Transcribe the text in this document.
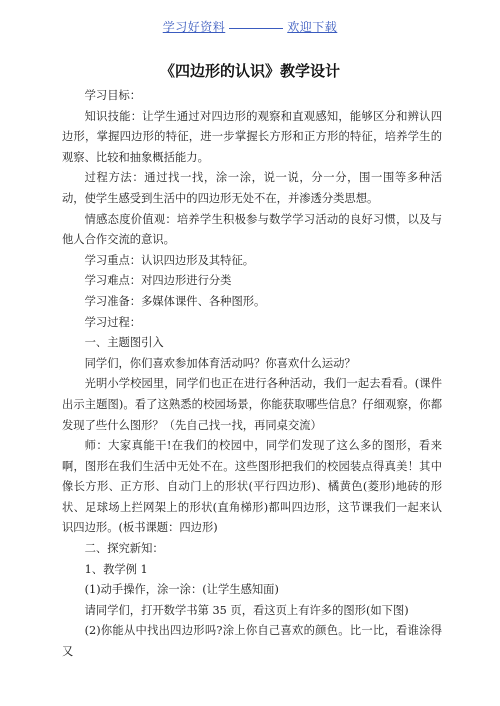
学习好资料	欢迎下载
《四边形的认识》教学设计

学习目标：

知识技能：让学生通过对四边形的观察和直观感知，能够区分和辨认四边形，掌握四边形的特征，进一步掌握长方形和正方形的特征，培养学生的观察、比较和抽象概括能力。

过程方法：通过找一找，涂一涂，说一说，分一分，围一围等多种活动，使学生感受到生活中的四边形无处不在，并渗透分类思想。

情感态度价值观：培养学生积极参与数学学习活动的良好习惯，以及与他人合作交流的意识。

学习重点：认识四边形及其特征。

学习难点：对四边形进行分类

学习准备：多媒体课件、各种图形。

学习过程：

一、主题图引入

同学们，你们喜欢参加体育活动吗？你喜欢什么运动？

光明小学校园里，同学们也正在进行各种活动，我们一起去看看。(课件出示主题图)。看了这熟悉的校园场景，你能获取哪些信息？仔细观察，你都发现了些什么图形？（先自己找一找，再同桌交流）

师：大家真能干!在我们的校园中，同学们发现了这么多的图形，看来啊，图形在我们生活中无处不在。这些图形把我们的校园装点得真美！其中像长方形、正方形、自动门上的形状(平行四边形)、橘黄色(菱形)地砖的形状、足球场上拦网架上的形状(直角梯形)都叫四边形，这节课我们一起来认识四边形。(板书课题：四边形)

二、探究新知：

1、教学例 1

(1)动手操作，涂一涂：(让学生感知面)

请同学们，打开数学书第 35 页，看这页上有许多的图形(如下图)

(2)你能从中找出四边形吗?涂上你自己喜欢的颜色。比一比，看谁涂得又
